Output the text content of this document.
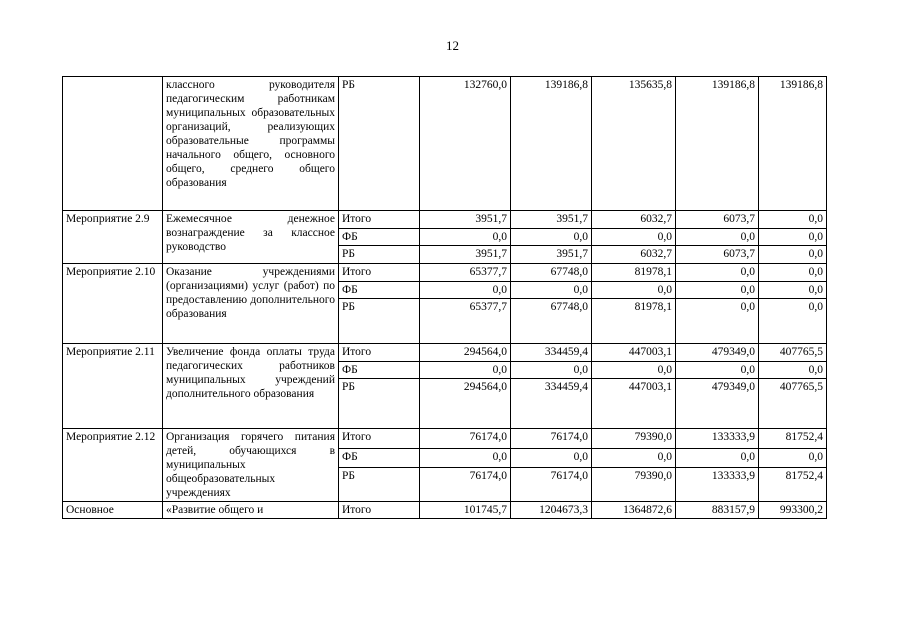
12
	классного руководителя педагогическим работникам муниципальных образовательных организаций, реализующих образовательные программы начального общего, основного общего, среднего общего образования	РБ	132760,0	139186,8	135635,8	139186,8	139186,8
Мероприятие 2.9	Ежемесячное денежное вознаграждение за классное руководство	Итого	3951,7	3951,7	6032,7	6073,7	0,0
		ФБ	0,0	0,0	0,0	0,0	0,0
		РБ	3951,7	3951,7	6032,7	6073,7	0,0
Мероприятие 2.10	Оказание учреждениями (организациями) услуг (работ) по предоставлению дополнительного образования	Итого	65377,7	67748,0	81978,1	0,0	0,0
		ФБ	0,0	0,0	0,0	0,0	0,0
		РБ	65377,7	67748,0	81978,1	0,0	0,0
Мероприятие 2.11	Увеличение фонда оплаты труда педагогических работников муниципальных учреждений дополнительного образования	Итого	294564,0	334459,4	447003,1	479349,0	407765,5
		ФБ	0,0	0,0	0,0	0,0	0,0
		РБ	294564,0	334459,4	447003,1	479349,0	407765,5
Мероприятие 2.12	Организация горячего питания детей, обучающихся в муниципальных общеобразовательных учреждениях	Итого	76174,0	76174,0	79390,0	133333,9	81752,4
		ФБ	0,0	0,0	0,0	0,0	0,0
		РБ	76174,0	76174,0	79390,0	133333,9	81752,4
Основное	«Развитие общего и	Итого	101745,7	1204673,3	1364872,6	883157,9	993300,2
